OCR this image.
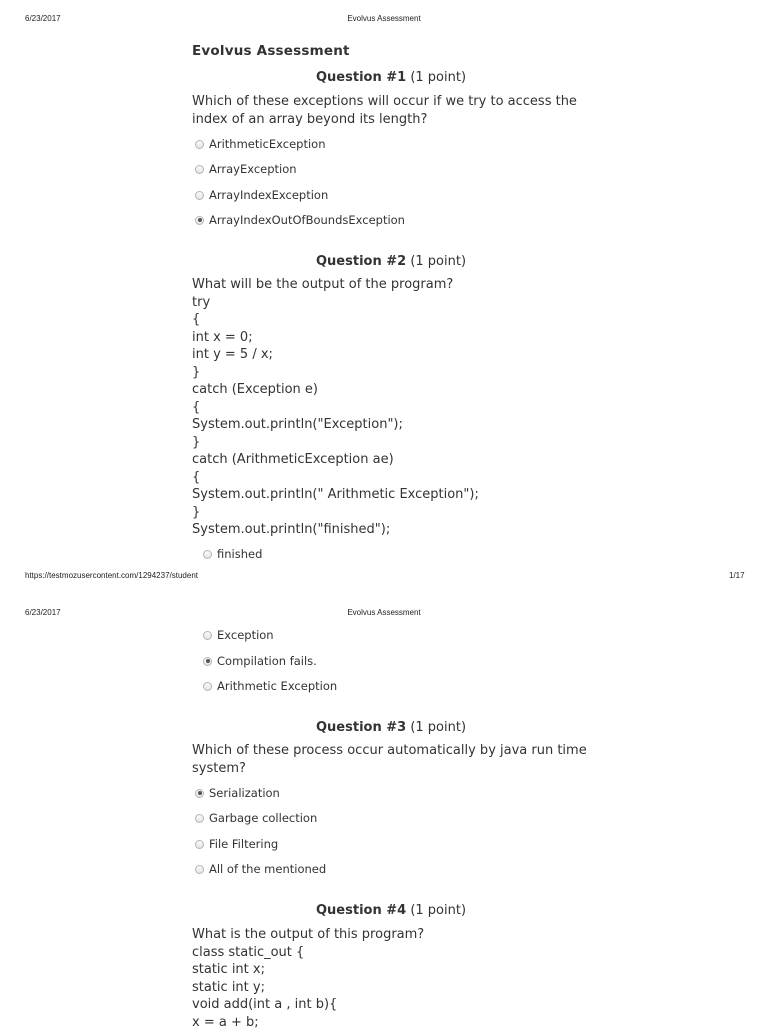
6/23/2017	Evolvus Assessment
Evolvus Assessment
Question #1 (1 point)
Which of these exceptions will occur if we try to access the
index of an array beyond its length?
ArithmeticException
ArrayException
ArrayIndexException
ArrayIndexOutOfBoundsException
Question #2 (1 point)
What will be the output of the program?
try
{
int x = 0;
int y = 5 / x;
}
catch (Exception e)
{
System.out.println("Exception");
}
catch (ArithmeticException ae)
{
System.out.println(" Arithmetic Exception");
}
System.out.println("finished");
finished
https://testmozusercontent.com/1294237/student	1/17
6/23/2017	Evolvus Assessment
Exception
Compilation fails.
Arithmetic Exception
Question #3 (1 point)
Which of these process occur automatically by java run time
system?
Serialization
Garbage collection
File Filtering
All of the mentioned
Question #4 (1 point)
What is the output of this program?
class static_out {
static int x;
static int y;
void add(int a , int b){
x = a + b;
